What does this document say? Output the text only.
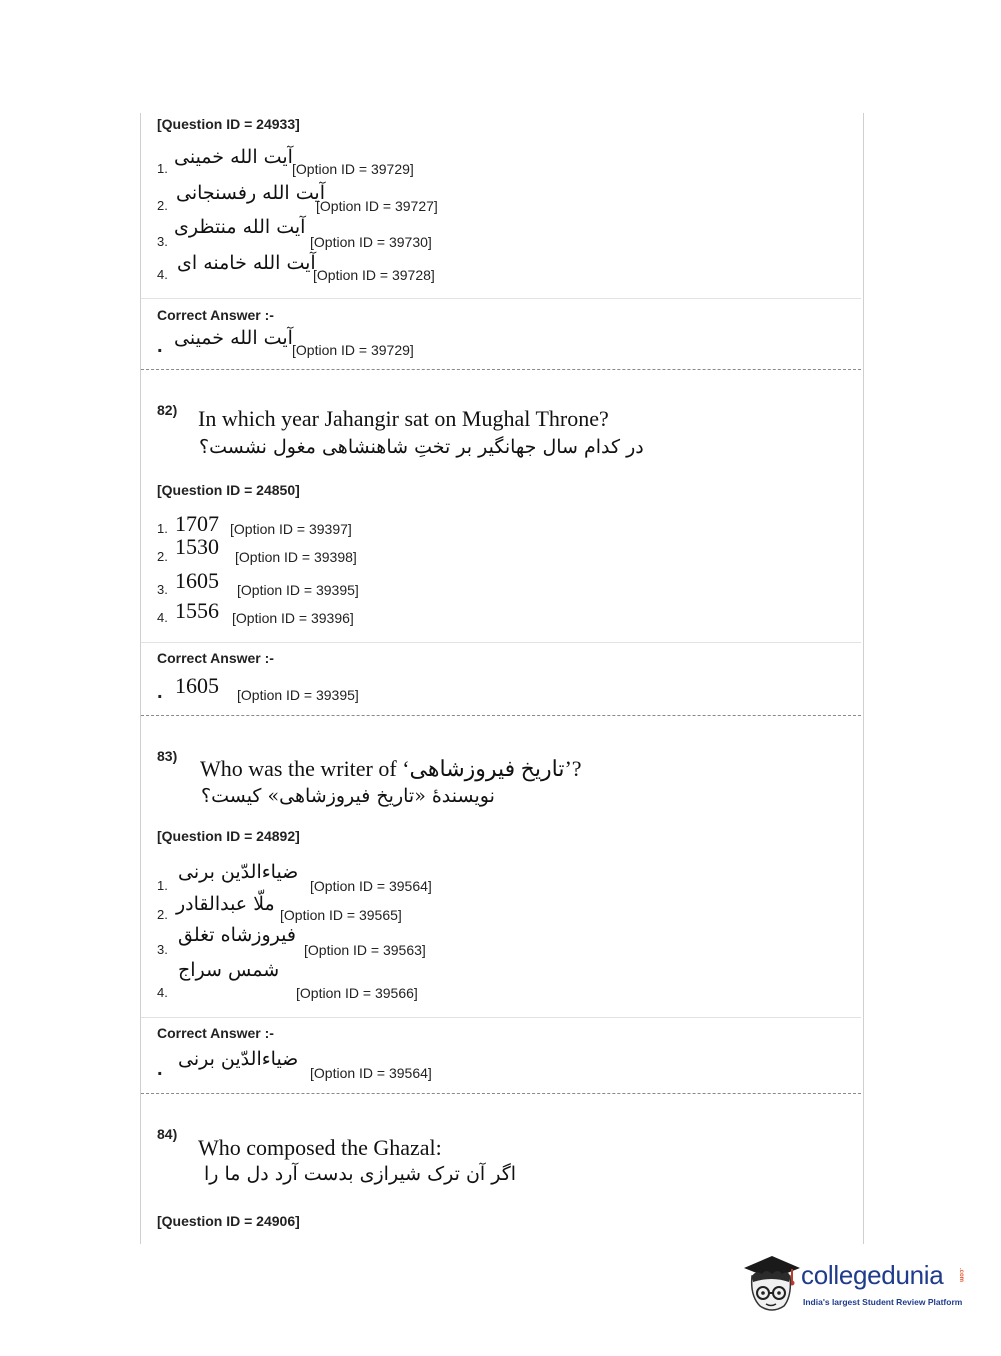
[Question ID = 24933]
1.
آیت الله خمینی
[Option ID = 39729]
2.
آیت الله رفسنجانی
[Option ID = 39727]
3.
آیت الله منتظری
[Option ID = 39730]
4.
آیت الله خامنه ای
[Option ID = 39728]
Correct Answer :-
. آیت الله خمینی
[Option ID = 39729]
82) In which year Jahangir sat on Mughal Throne?
در کدام سال جهانگیر بر تختِ شاهنشاهی مغول نشست؟
[Question ID = 24850]
1. 1707 [Option ID = 39397]
2. 1530 [Option ID = 39398]
3. 1605 [Option ID = 39395]
4. 1556 [Option ID = 39396]
Correct Answer :-
. 1605 [Option ID = 39395]
83) Who was the writer of ‘تاریخ فیروزشاهی’?
نویسندهٔ «تاریخ فیروزشاهی» کیست؟
[Question ID = 24892]
1.
ضیاءالدّین برنی
[Option ID = 39564]
2. ملّا عبدالقادر [Option ID = 39565]
3.
فیروزشاه تغلق
[Option ID = 39563]
4.
شمس سراج
[Option ID = 39566]
Correct Answer :-
. ضیاءالدّین برنی
[Option ID = 39564]
84)
Who composed the Ghazal:
اگر آن ترک شیرازی بدست آرد دل ما را
[Question ID = 24906]
collegedunia .com
India's largest Student Review Platform
